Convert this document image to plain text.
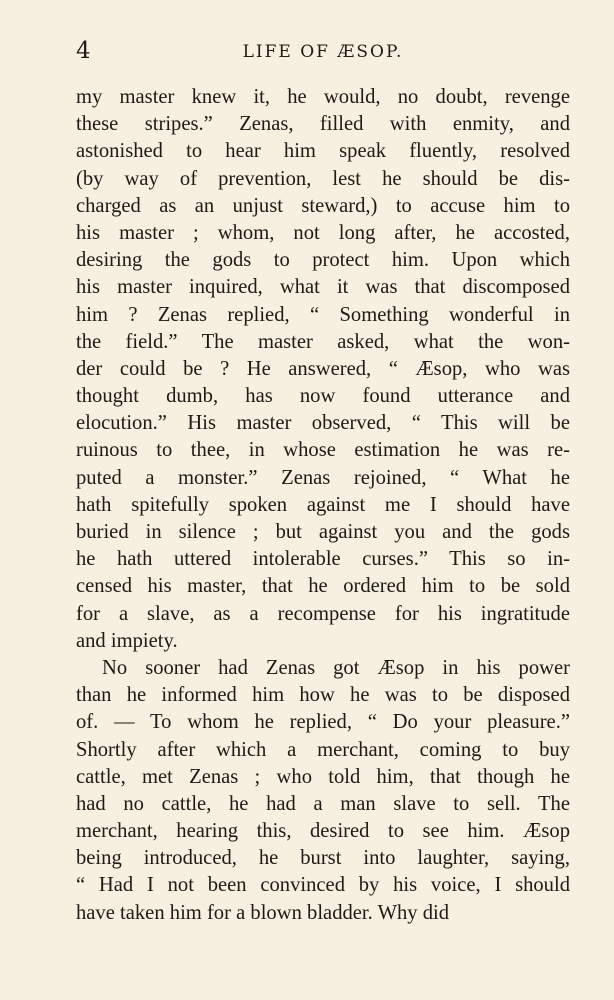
4	LIFE OF ÆSOP.
my master knew it, he would, no doubt, revenge
these stripes.” Zenas, filled with enmity, and
astonished to hear him speak fluently, resolved
(by way of prevention, lest he should be dis-
charged as an unjust steward,) to accuse him to
his master ; whom, not long after, he accosted,
desiring the gods to protect him. Upon which
his master inquired, what it was that discomposed
him ? Zenas replied, “ Something wonderful in
the field.” The master asked, what the won-
der could be ? He answered, “ Æsop, who was
thought dumb, has now found utterance and
elocution.” His master observed, “ This will be
ruinous to thee, in whose estimation he was re-
puted a monster.” Zenas rejoined, “ What he
hath spitefully spoken against me I should have
buried in silence ; but against you and the gods
he hath uttered intolerable curses.” This so in-
censed his master, that he ordered him to be sold
for a slave, as a recompense for his ingratitude
and impiety.
No sooner had Zenas got Æsop in his power
than he informed him how he was to be disposed
of. — To whom he replied, “ Do your pleasure.”
Shortly after which a merchant, coming to buy
cattle, met Zenas ; who told him, that though he
had no cattle, he had a man slave to sell. The
merchant, hearing this, desired to see him. Æsop
being introduced, he burst into laughter, saying,
“ Had I not been convinced by his voice, I should
have taken him for a blown bladder. Why did
